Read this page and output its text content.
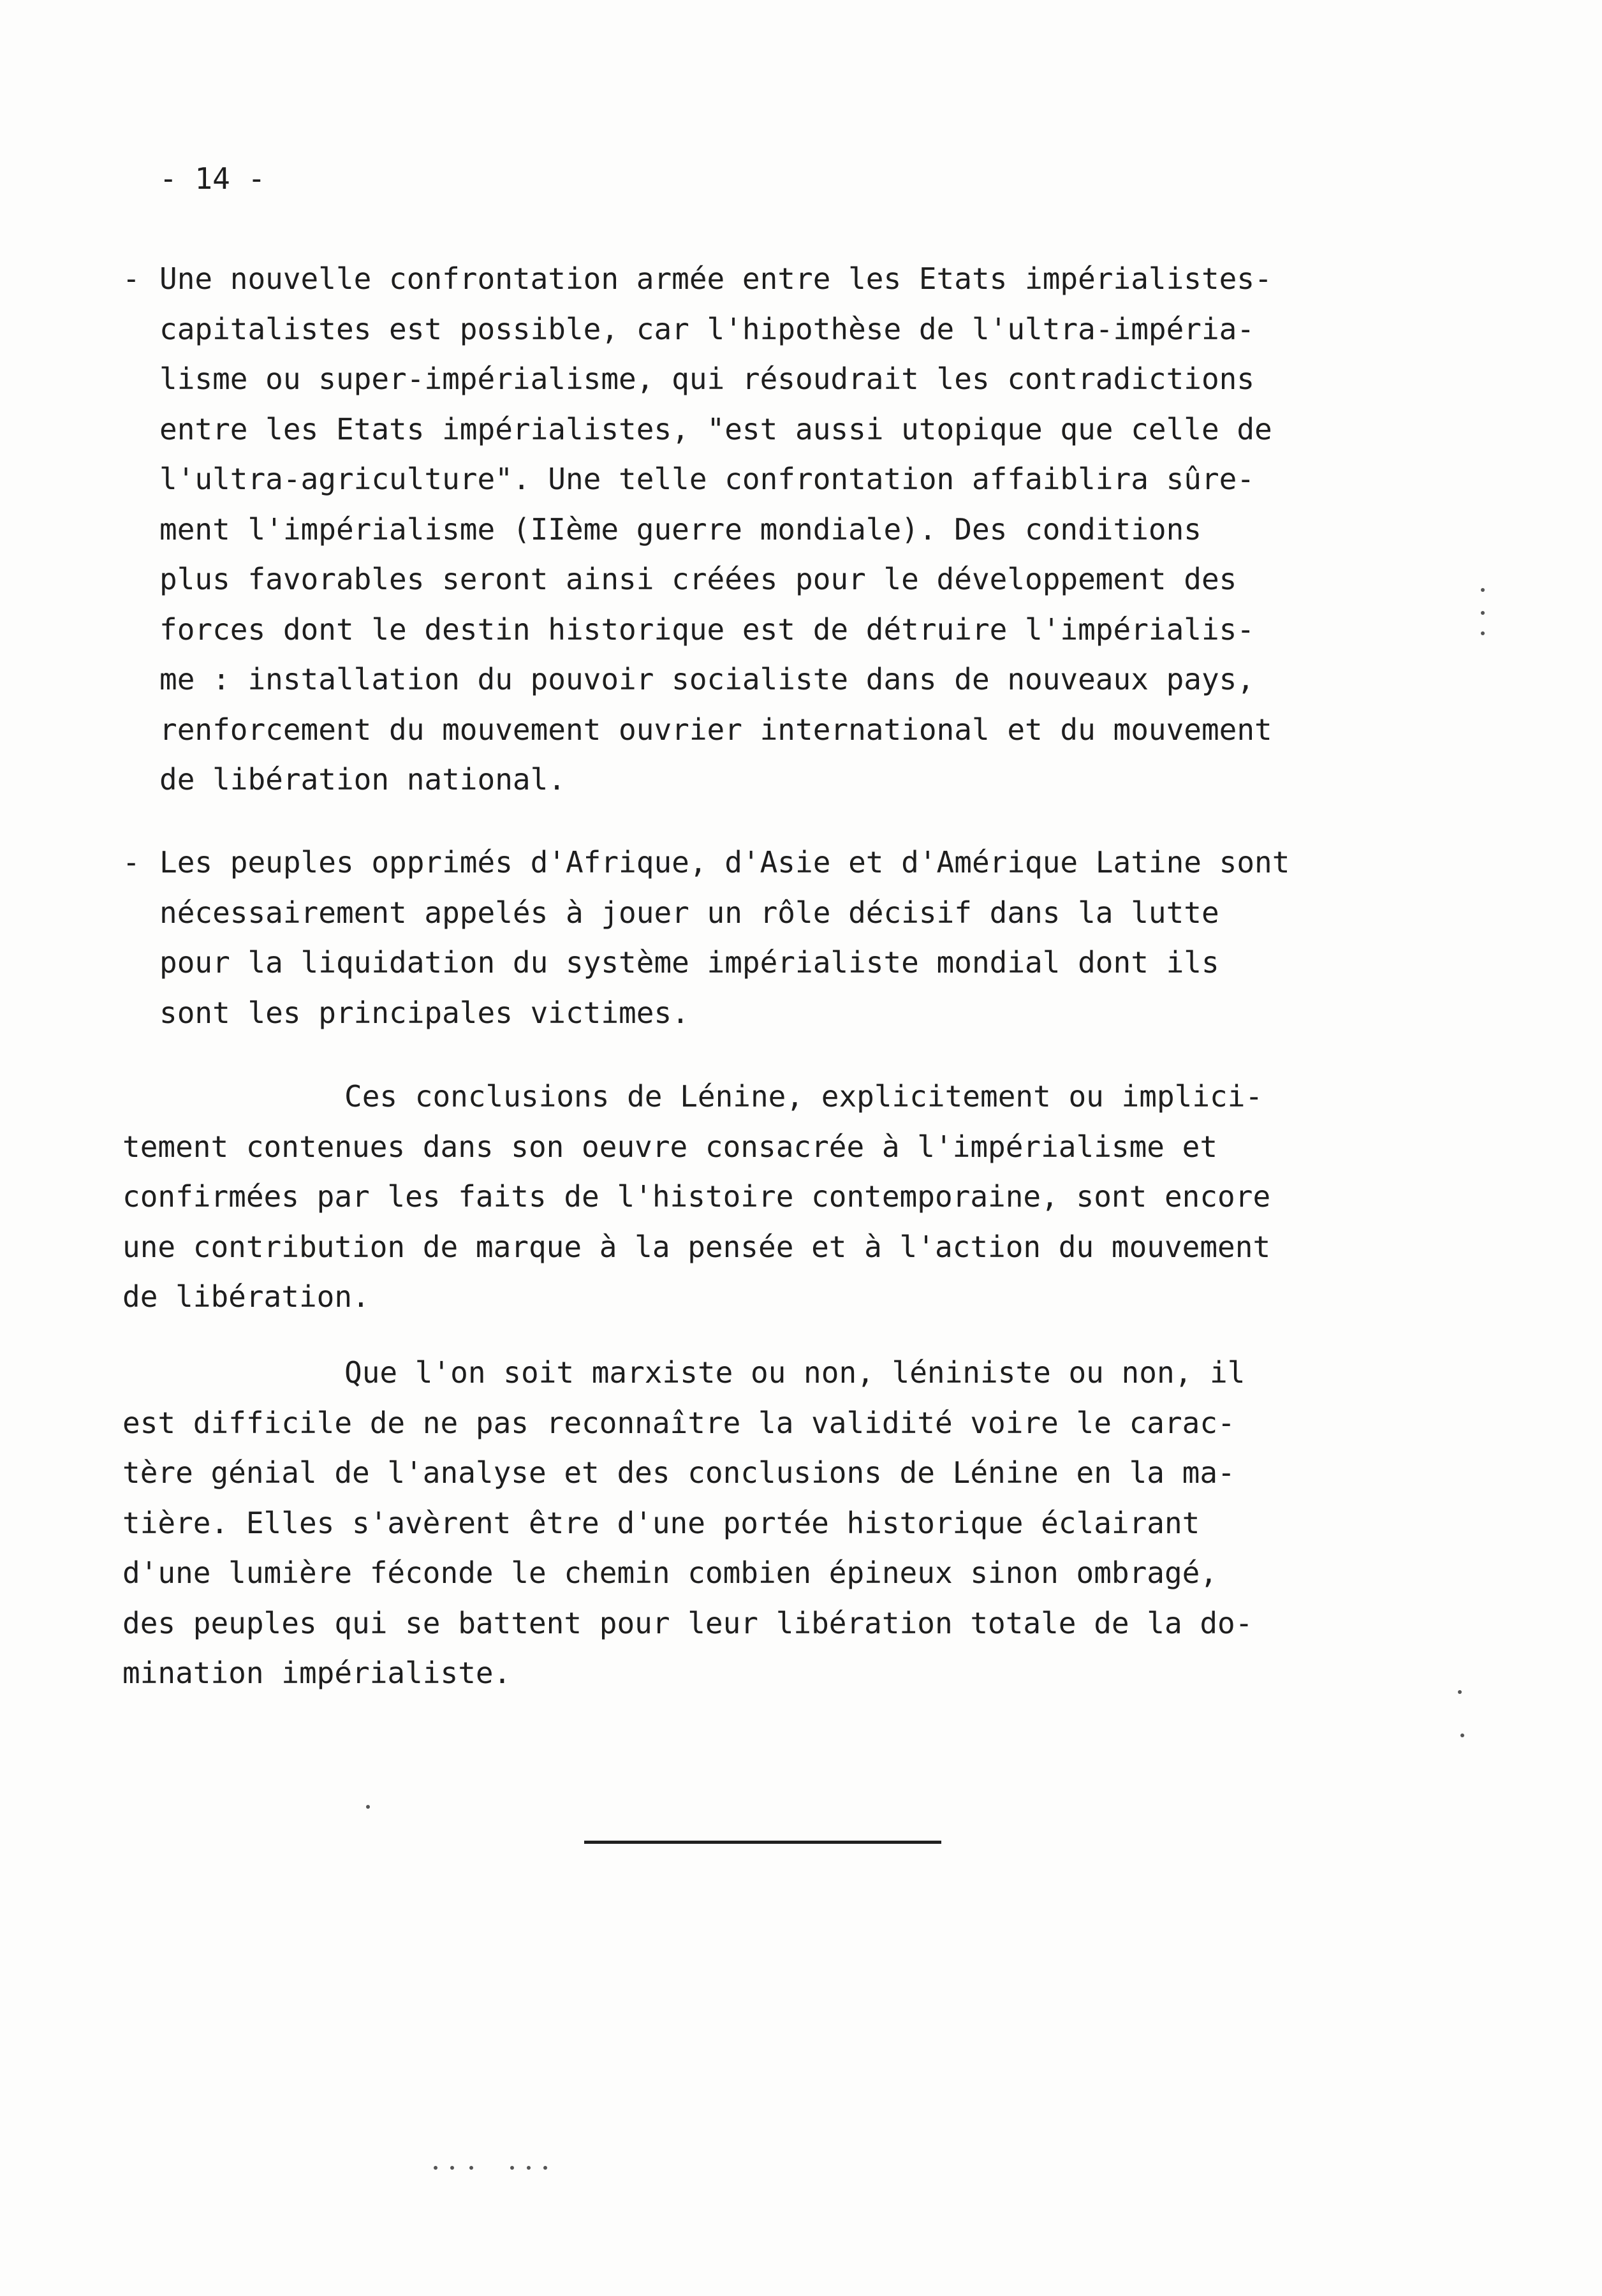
- 14 -
- Une nouvelle confrontation armée entre les Etats impérialistes-
capitalistes est possible, car l'hipothèse de l'ultra-impéria-
lisme ou super-impérialisme, qui résoudrait les contradictions
entre les Etats impérialistes, "est aussi utopique que celle de
l'ultra-agriculture". Une telle confrontation affaiblira sûre-
ment l'impérialisme (IIème guerre mondiale). Des conditions
plus favorables seront ainsi créées pour le développement des
forces dont le destin historique est de détruire l'impérialis-
me : installation du pouvoir socialiste dans de nouveaux pays,
renforcement du mouvement ouvrier international et du mouvement
de libération national.
- Les peuples opprimés d'Afrique, d'Asie et d'Amérique Latine sont
nécessairement appelés à jouer un rôle décisif dans la lutte
pour la liquidation du système impérialiste mondial dont ils
sont les principales victimes.
Ces conclusions de Lénine, explicitement ou implici-
tement contenues dans son oeuvre consacrée à l'impérialisme et
confirmées par les faits de l'histoire contemporaine, sont encore
une contribution de marque à la pensée et à l'action du mouvement
de libération.
Que l'on soit marxiste ou non, léniniste ou non, il
est difficile de ne pas reconnaître la validité voire le carac-
tère génial de l'analyse et des conclusions de Lénine en la ma-
tière. Elles s'avèrent être d'une portée historique éclairant
d'une lumière féconde le chemin combien épineux sinon ombragé,
des peuples qui se battent pour leur libération totale de la do-
mination impérialiste.
